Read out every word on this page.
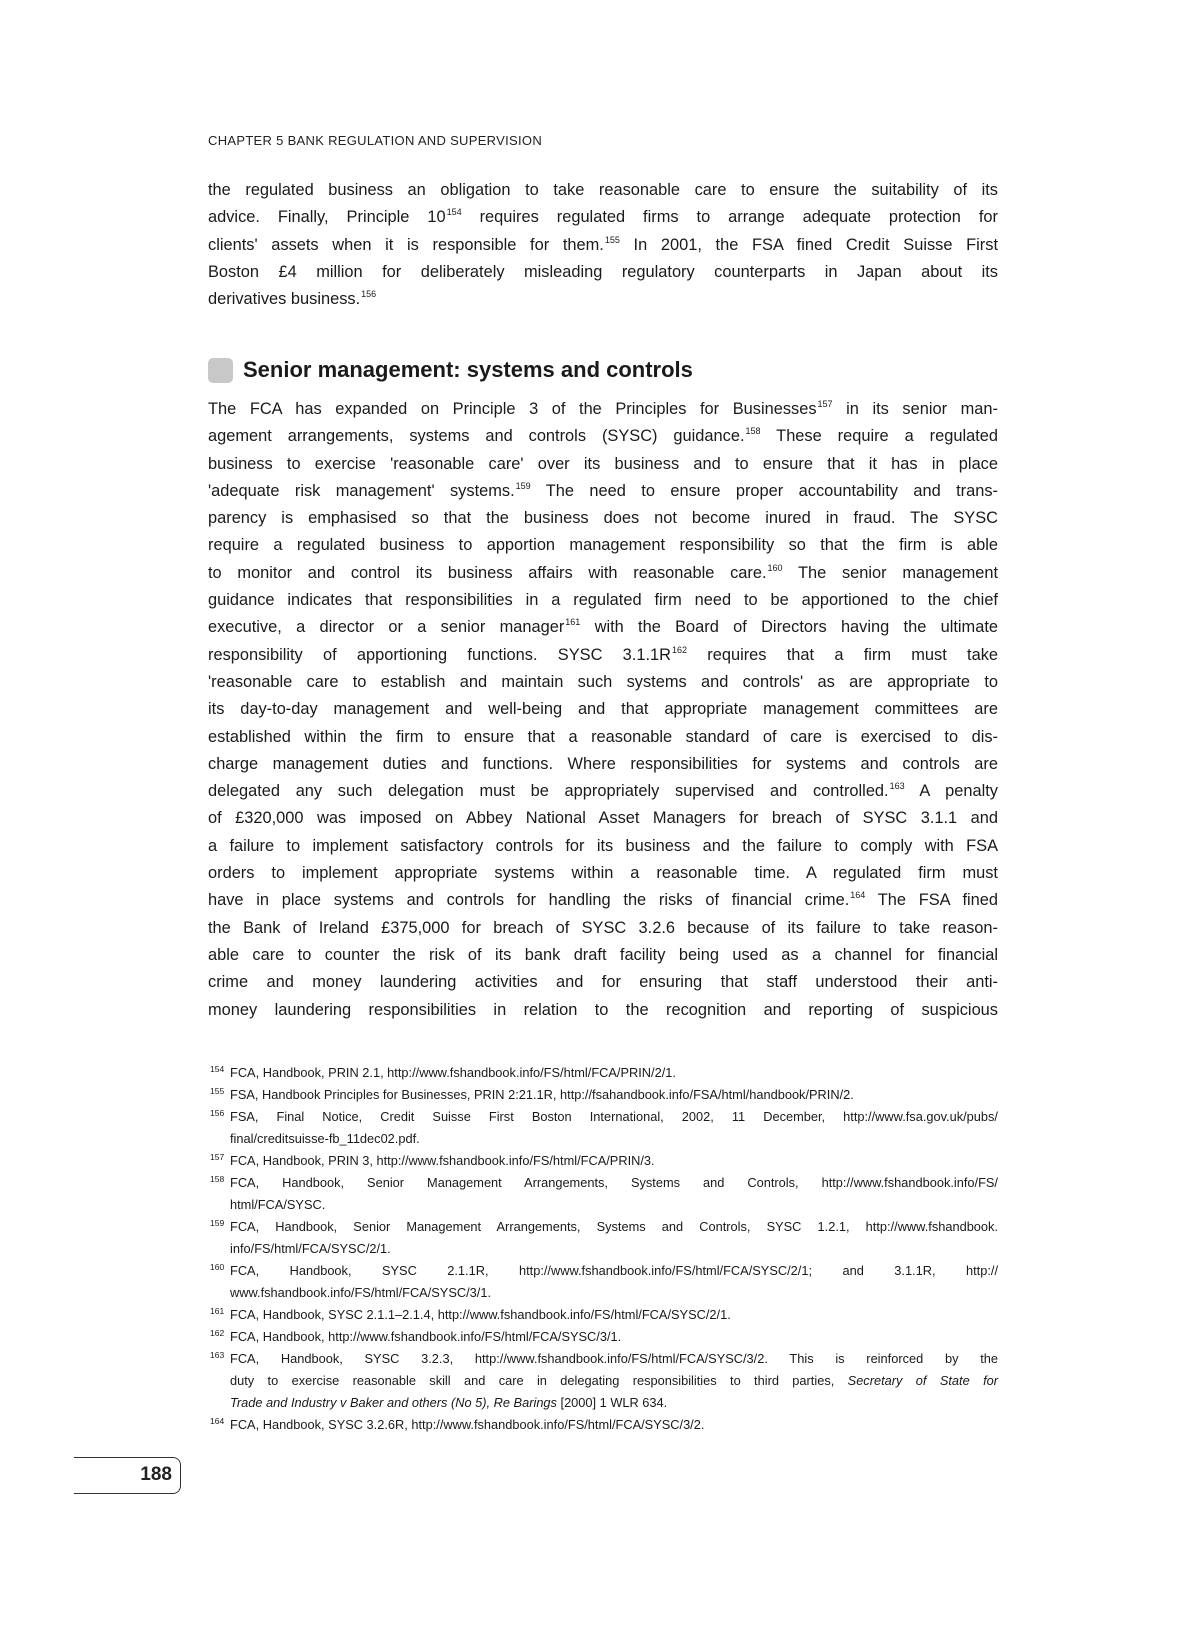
CHAPTER 5 BANK REGULATION AND SUPERVISION
the regulated business an obligation to take reasonable care to ensure the suitability of its
advice. Finally, Principle $10^{154}$ requires regulated firms to arrange adequate protection for
clients' assets when it is responsible for them.$^{155}$ In 2001, the FSA fined Credit Suisse First
Boston £4 million for deliberately misleading regulatory counterparts in Japan about its
derivatives business.$^{156}$
Senior management: systems and controls
The FCA has expanded on Principle 3 of the Principles for Businesses$^{157}$ in its senior man-
agement arrangements, systems and controls (SYSC) guidance.$^{158}$ These require a regulated
business to exercise 'reasonable care' over its business and to ensure that it has in place
'adequate risk management' systems.$^{159}$ The need to ensure proper accountability and trans-
parency is emphasised so that the business does not become inured in fraud. The SYSC
require a regulated business to apportion management responsibility so that the firm is able
to monitor and control its business affairs with reasonable care.$^{160}$ The senior management
guidance indicates that responsibilities in a regulated firm need to be apportioned to the chief
executive, a director or a senior manager$^{161}$ with the Board of Directors having the ultimate
responsibility of apportioning functions. SYSC $3.1.1R^{162}$ requires that a firm must take
'reasonable care to establish and maintain such systems and controls' as are appropriate to
its day-to-day management and well-being and that appropriate management committees are
established within the firm to ensure that a reasonable standard of care is exercised to dis-
charge management duties and functions. Where responsibilities for systems and controls are
delegated any such delegation must be appropriately supervised and controlled.$^{163}$ A penalty
of £320,000 was imposed on Abbey National Asset Managers for breach of SYSC 3.1.1 and
a failure to implement satisfactory controls for its business and the failure to comply with FSA
orders to implement appropriate systems within a reasonable time. A regulated firm must
have in place systems and controls for handling the risks of financial crime.$^{164}$ The FSA fined
the Bank of Ireland £375,000 for breach of SYSC 3.2.6 because of its failure to take reason-
able care to counter the risk of its bank draft facility being used as a channel for financial
crime and money laundering activities and for ensuring that staff understood their anti-
money laundering responsibilities in relation to the recognition and reporting of suspicious
154 FCA, Handbook, PRIN 2.1, http://www.fshandbook.info/FS/html/FCA/PRIN/2/1.
155 FSA, Handbook Principles for Businesses, PRIN 2:21.1R, http://fsahandbook.info/FSA/html/handbook/PRIN/2.
156 FSA, Final Notice, Credit Suisse First Boston International, 2002, 11 December, http://www.fsa.gov.uk/pubs/
final/creditsuisse-fb_11dec02.pdf.
157 FCA, Handbook, PRIN 3, http://www.fshandbook.info/FS/html/FCA/PRIN/3.
158 FCA, Handbook, Senior Management Arrangements, Systems and Controls, http://www.fshandbook.info/FS/
html/FCA/SYSC.
159 FCA, Handbook, Senior Management Arrangements, Systems and Controls, SYSC 1.2.1, http://www.fshandbook.
info/FS/html/FCA/SYSC/2/1.
160 FCA, Handbook, SYSC 2.1.1R, http://www.fshandbook.info/FS/html/FCA/SYSC/2/1; and 3.1.1R, http://
www.fshandbook.info/FS/html/FCA/SYSC/3/1.
161 FCA, Handbook, SYSC 2.1.1–2.1.4, http://www.fshandbook.info/FS/html/FCA/SYSC/2/1.
162 FCA, Handbook, http://www.fshandbook.info/FS/html/FCA/SYSC/3/1.
163 FCA, Handbook, SYSC 3.2.3, http://www.fshandbook.info/FS/html/FCA/SYSC/3/2. This is reinforced by the
duty to exercise reasonable skill and care in delegating responsibilities to third parties, Secretary of State for
Trade and Industry v Baker and others (No 5), Re Barings [2000] 1 WLR 634.
164 FCA, Handbook, SYSC 3.2.6R, http://www.fshandbook.info/FS/html/FCA/SYSC/3/2.
188
